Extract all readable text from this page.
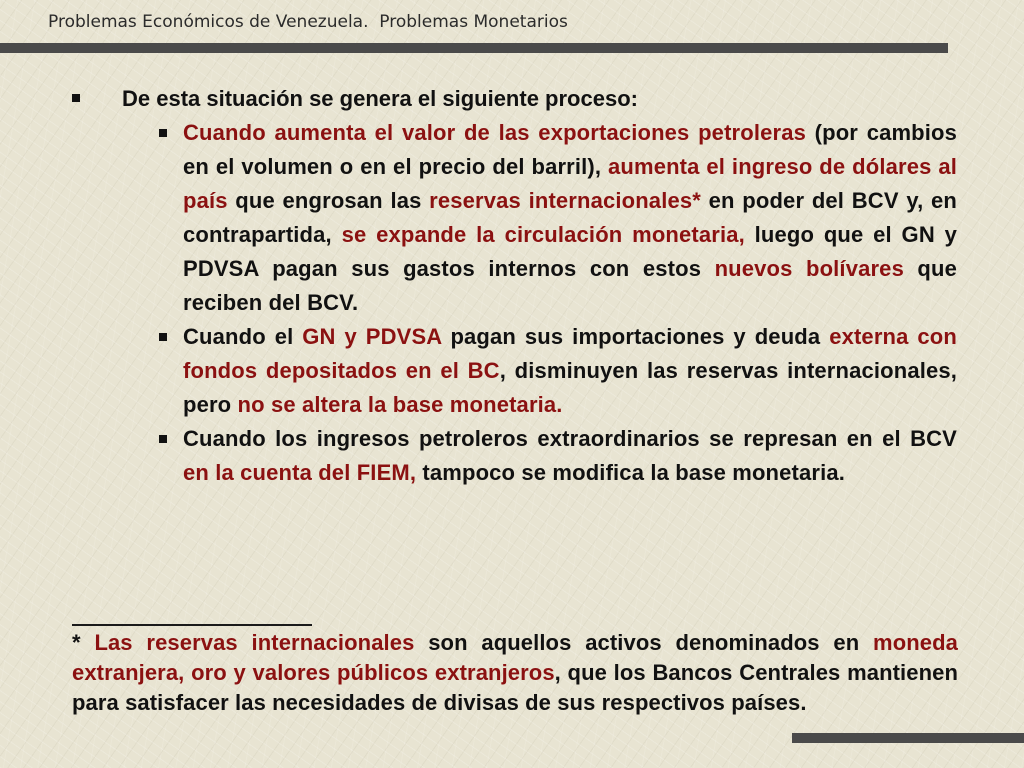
Problemas Económicos de Venezuela.  Problemas Monetarios
De esta situación se genera el siguiente proceso:
Cuando aumenta el valor de las exportaciones petroleras (por cambios en el volumen o en el precio del barril), aumenta el ingreso de dólares al país que engrosan las reservas internacionales* en poder del BCV y, en contrapartida, se expande la circulación monetaria, luego que el GN y PDVSA pagan sus gastos internos con estos nuevos bolívares que reciben del BCV.
Cuando el GN y PDVSA pagan sus importaciones y deuda externa con fondos depositados en el BC, disminuyen las reservas internacionales, pero no se altera la base monetaria.
Cuando los ingresos petroleros extraordinarios se represan en el BCV en la cuenta del FIEM, tampoco se modifica la base monetaria.
* Las reservas internacionales son aquellos activos denominados en moneda extranjera, oro y valores públicos extranjeros, que los Bancos Centrales mantienen para satisfacer las necesidades de divisas de sus respectivos países.
